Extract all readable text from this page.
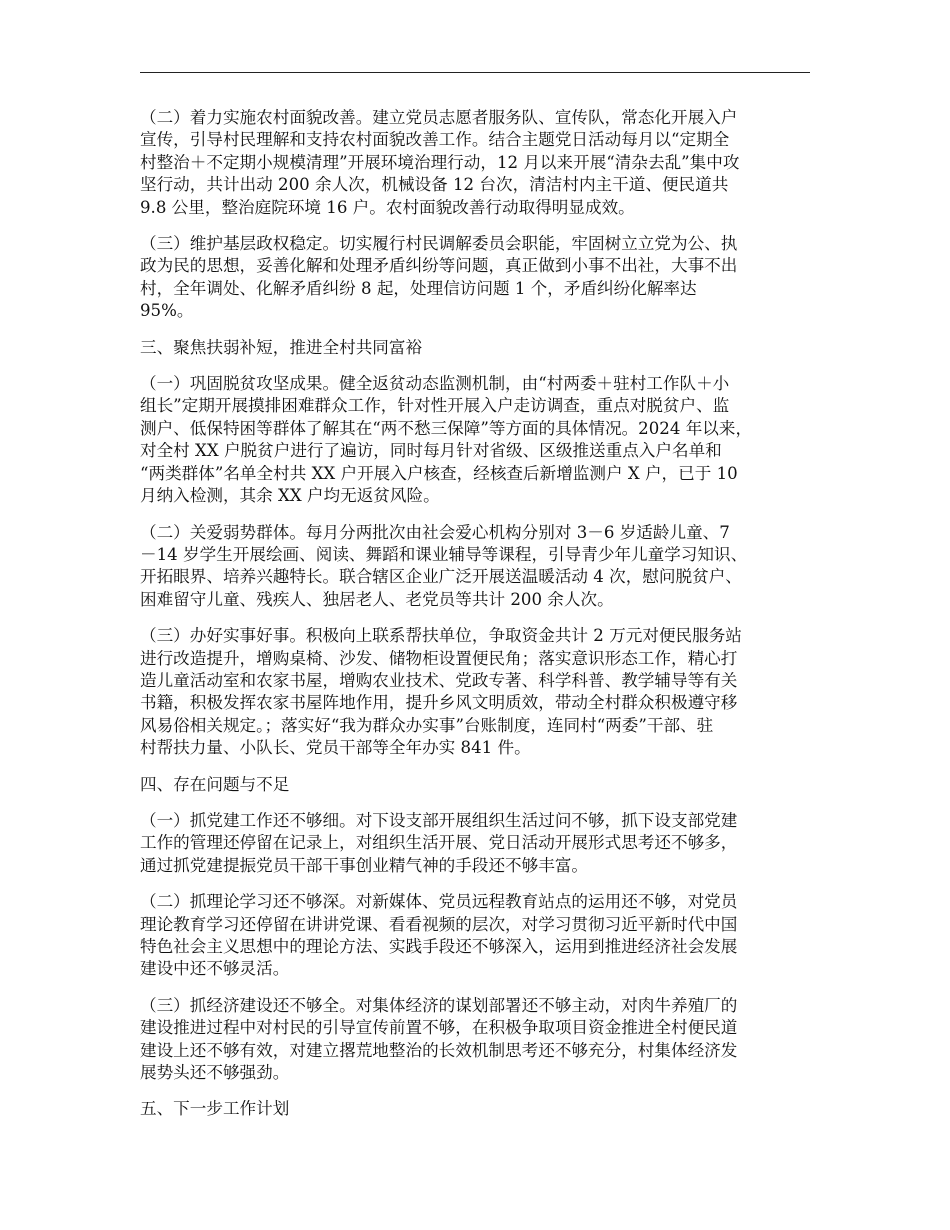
（二）着力实施农村面貌改善。建立党员志愿者服务队、宣传队，常态化开展入户
宣传，引导村民理解和支持农村面貌改善工作。结合主题党日活动每月以“定期全
村整治＋不定期小规模清理”开展环境治理行动，12 月以来开展“清杂去乱”集中攻
坚行动，共计出动 200 余人次，机械设备 12 台次，清洁村内主干道、便民道共
9.8 公里，整治庭院环境 16 户。农村面貌改善行动取得明显成效。

（三）维护基层政权稳定。切实履行村民调解委员会职能，牢固树立立党为公、执
政为民的思想，妥善化解和处理矛盾纠纷等问题，真正做到小事不出社，大事不出
村，全年调处、化解矛盾纠纷 8 起，处理信访问题 1 个，矛盾纠纷化解率达
95%。

三、聚焦扶弱补短，推进全村共同富裕

（一）巩固脱贫攻坚成果。健全返贫动态监测机制，由“村两委＋驻村工作队＋小
组长”定期开展摸排困难群众工作，针对性开展入户走访调查，重点对脱贫户、监
测户、低保特困等群体了解其在“两不愁三保障”等方面的具体情况。2024 年以来，
对全村 XX 户脱贫户进行了遍访，同时每月针对省级、区级推送重点入户名单和
“两类群体”名单全村共 XX 户开展入户核查，经核查后新增监测户 X 户，已于 10
月纳入检测，其余 XX 户均无返贫风险。

（二）关爱弱势群体。每月分两批次由社会爱心机构分别对 3－6 岁适龄儿童、7
－14 岁学生开展绘画、阅读、舞蹈和课业辅导等课程，引导青少年儿童学习知识、
开拓眼界、培养兴趣特长。联合辖区企业广泛开展送温暖活动 4 次，慰问脱贫户、
困难留守儿童、残疾人、独居老人、老党员等共计 200 余人次。

（三）办好实事好事。积极向上联系帮扶单位，争取资金共计 2 万元对便民服务站
进行改造提升，增购桌椅、沙发、储物柜设置便民角；落实意识形态工作，精心打
造儿童活动室和农家书屋，增购农业技术、党政专著、科学科普、教学辅导等有关
书籍，积极发挥农家书屋阵地作用，提升乡风文明质效，带动全村群众积极遵守移
风易俗相关规定。；落实好“我为群众办实事”台账制度，连同村“两委”干部、驻
村帮扶力量、小队长、党员干部等全年办实 841 件。

四、存在问题与不足

（一）抓党建工作还不够细。对下设支部开展组织生活过问不够，抓下设支部党建
工作的管理还停留在记录上，对组织生活开展、党日活动开展形式思考还不够多，
通过抓党建提振党员干部干事创业精气神的手段还不够丰富。

（二）抓理论学习还不够深。对新媒体、党员远程教育站点的运用还不够，对党员
理论教育学习还停留在讲讲党课、看看视频的层次，对学习贯彻习近平新时代中国
特色社会主义思想中的理论方法、实践手段还不够深入，运用到推进经济社会发展
建设中还不够灵活。

（三）抓经济建设还不够全。对集体经济的谋划部署还不够主动，对肉牛养殖厂的
建设推进过程中对村民的引导宣传前置不够，在积极争取项目资金推进全村便民道
建设上还不够有效，对建立撂荒地整治的长效机制思考还不够充分，村集体经济发
展势头还不够强劲。

五、下一步工作计划
